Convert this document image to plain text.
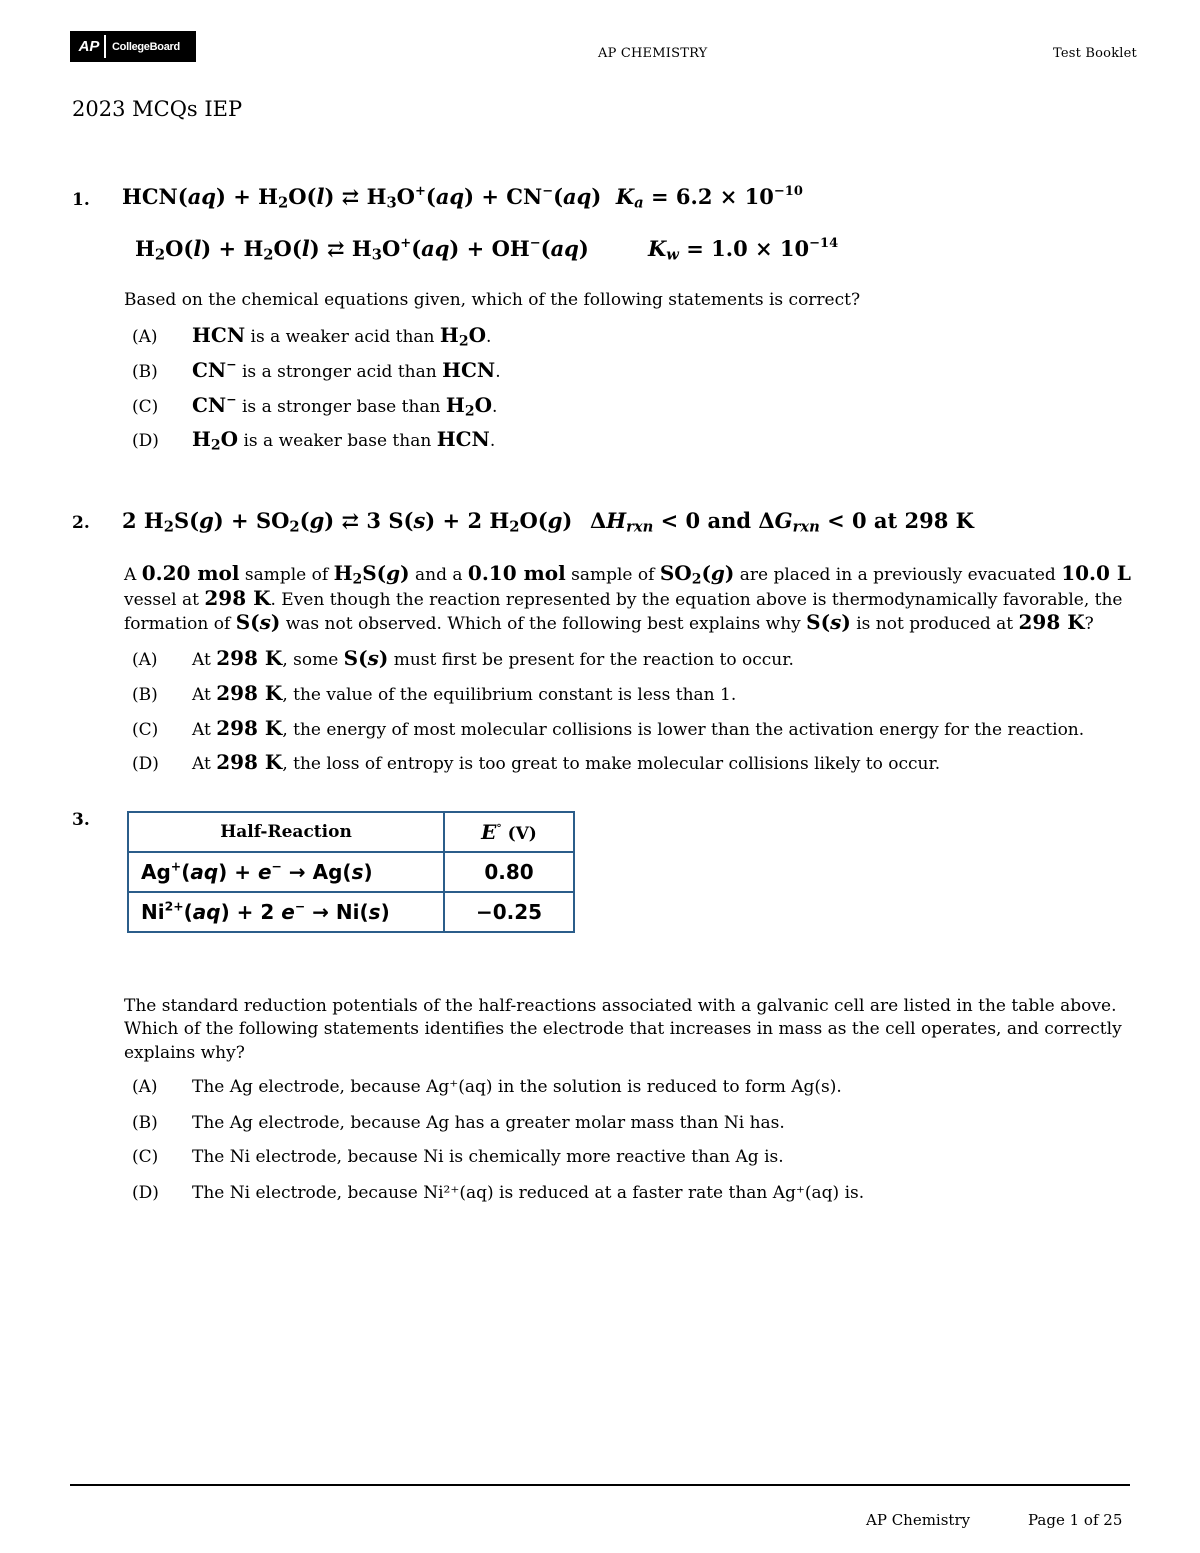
AP	CollegeBoard	AP CHEMISTRY	Test Booklet
2023 MCQs IEP
1. $HCN(aq) + H_2O(l)$ ⇄ $H_3O^+(aq) + CN^-(aq) K_a = 6.2 \times 10^{-10}$
$H_2O(l) + H_2O(l)$ ⇄ $H_3O^+(aq) + OH^-(aq)$	$K_w = 1.0 \times 10^{-14}$
Based on the chemical equations given, which of the following statements is correct?
(A)	HCN is a weaker acid than $H_2O$.
(B)	CN− is a stronger acid than HCN.
(C)	CN− is a stronger base than $H_2O$.
(D)	$H_2O$ is a weaker base than HCN.
2. 2 $H_2S(g) + SO_2(g)$ ⇄ 3 S(s) + 2 $H_2O(g) \Delta H_{rxn} < 0$ and $\Delta G_{rxn} < 0$ at 298 K
A 0.20 mol sample of $H_2S(g)$ and a 0.10 mol sample of $SO_2(g)$ are placed in a previously evacuated 10.0 L
vessel at 298 K. Even though the reaction represented by the equation above is thermodynamically favorable, the
formation of S(s) was not observed. Which of the following best explains why S(s) is not produced at 298 K?
(A)	At 298 K, some S(s) must first be present for the reaction to occur.
(B)	At 298 K, the value of the equilibrium constant is less than 1.
(C)	At 298 K, the energy of most molecular collisions is lower than the activation energy for the reaction.
(D)	At 298 K, the loss of entropy is too great to make molecular collisions likely to occur.
3.
Half-Reaction	E° (V)
Ag+(aq) + e− → Ag(s)	0.80
$Ni^{2+}(aq) + 2$ e− → Ni(s)	−0.25
The standard reduction potentials of the half-reactions associated with a galvanic cell are listed in the table above.
Which of the following statements identifies the electrode that increases in mass as the cell operates, and correctly
explains why?
(A)	The Ag electrode, because Ag⁺(aq) in the solution is reduced to form Ag(s).
(B)	The Ag electrode, because Ag has a greater molar mass than Ni has.
(C)	The Ni electrode, because Ni is chemically more reactive than Ag is.
(D)	The Ni electrode, because Ni²⁺(aq) is reduced at a faster rate than Ag⁺(aq) is.
AP Chemistry	Page 1 of 25
